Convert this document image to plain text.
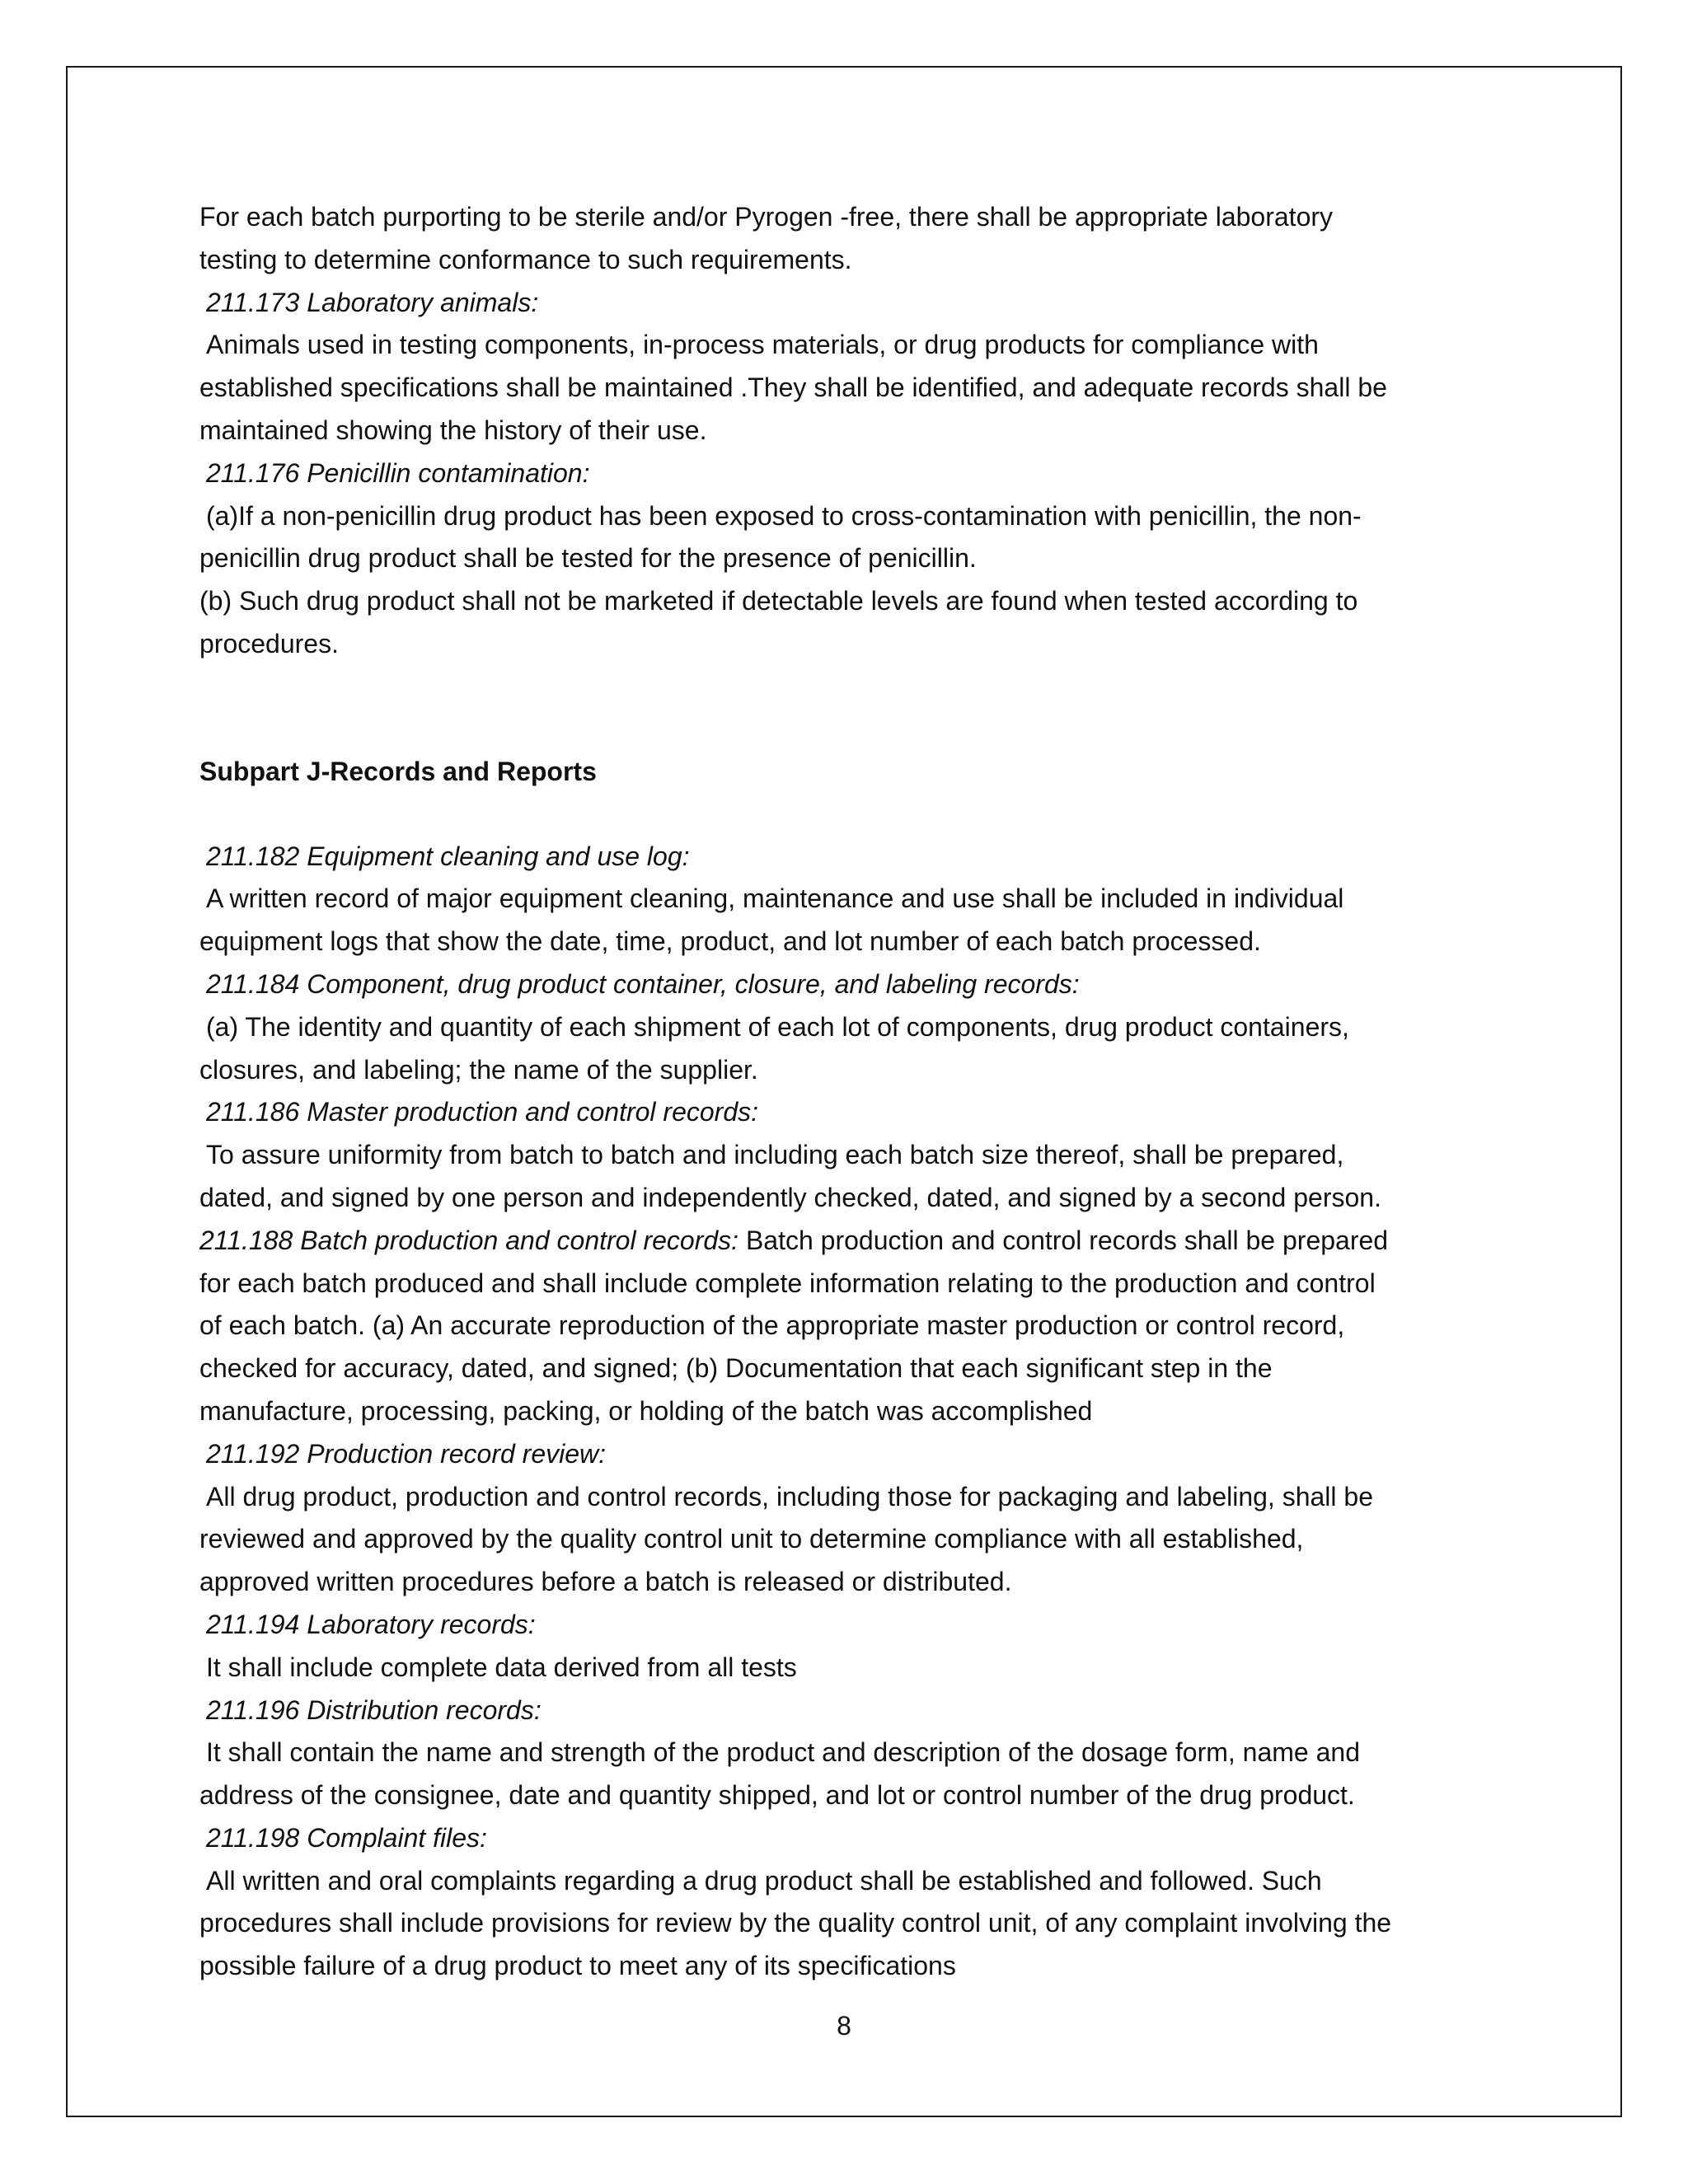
For each batch purporting to be sterile and/or Pyrogen -free, there shall be appropriate laboratory
testing to determine conformance to such requirements.
211.173 Laboratory animals:
Animals used in testing components, in-process materials, or drug products for compliance with
established specifications shall be maintained .They shall be identified, and adequate records shall be
maintained showing the history of their use.
211.176 Penicillin contamination:
(a)If a non-penicillin drug product has been exposed to cross-contamination with penicillin, the non-
penicillin drug product shall be tested for the presence of penicillin.
(b) Such drug product shall not be marketed if detectable levels are found when tested according to
procedures.
Subpart J-Records and Reports
211.182 Equipment cleaning and use log:
A written record of major equipment cleaning, maintenance and use shall be included in individual
equipment logs that show the date, time, product, and lot number of each batch processed.
211.184 Component, drug product container, closure, and labeling records:
(a) The identity and quantity of each shipment of each lot of components, drug product containers,
closures, and labeling; the name of the supplier.
211.186 Master production and control records:
To assure uniformity from batch to batch and including each batch size thereof, shall be prepared,
dated, and signed by one person and independently checked, dated, and signed by a second person.
211.188 Batch production and control records: Batch production and control records shall be prepared
for each batch produced and shall include complete information relating to the production and control
of each batch. (a) An accurate reproduction of the appropriate master production or control record,
checked for accuracy, dated, and signed; (b) Documentation that each significant step in the
manufacture, processing, packing, or holding of the batch was accomplished
211.192 Production record review:
All drug product, production and control records, including those for packaging and labeling, shall be
reviewed and approved by the quality control unit to determine compliance with all established,
approved written procedures before a batch is released or distributed.
211.194 Laboratory records:
It shall include complete data derived from all tests
211.196 Distribution records:
It shall contain the name and strength of the product and description of the dosage form, name and
address of the consignee, date and quantity shipped, and lot or control number of the drug product.
211.198 Complaint files:
All written and oral complaints regarding a drug product shall be established and followed. Such
procedures shall include provisions for review by the quality control unit, of any complaint involving the
possible failure of a drug product to meet any of its specifications
8
